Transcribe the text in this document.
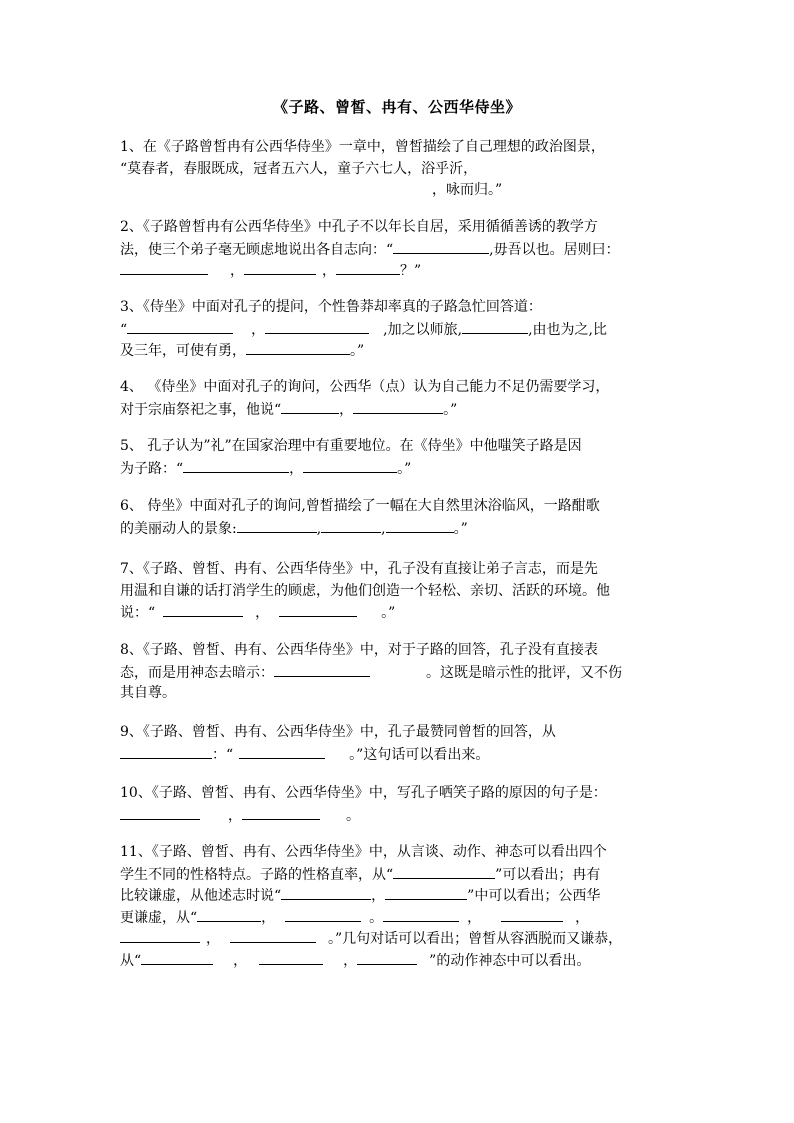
《子路、曾皙、冉有、公西华侍坐》
1、在《子路曾皙冉有公西华侍坐》一章中，曾皙描绘了自己理想的政治图景，
“莫春者，春服既成，冠者五六人，童子六七人，浴乎沂，
，咏而归。”
2、《子路曾皙冉有公西华侍坐》中孔子不以年长自居，采用循循善诱的教学方
法，使三个弟子毫无顾虑地说出各自志向：“	,毋吾以也。居则曰：
，	，	？”
3、《侍坐》中面对孔子的提问，个性鲁莽却率真的子路急忙回答道：
“	，	,加之以师旅,	,由也为之,比
及三年，可使有勇，	。”
4、 《侍坐》中面对孔子的询问，公西华（点）认为自己能力不足仍需要学习，
对于宗庙祭祀之事，他说“	，	。”
5、 孔子认为”礼”在国家治理中有重要地位。在《侍坐》中他嗤笑子路是因
为子路：“	，	。”
6、 侍坐》中面对孔子的询问,曾皙描绘了一幅在大自然里沐浴临风，一路酣歌
的美丽动人的景象:	,	,	。”
7、《子路、曾皙、冉有、公西华侍坐》中，孔子没有直接让弟子言志，而是先
用温和自谦的话打消学生的顾虑，为他们创造一个轻松、亲切、活跃的环境。他
说：“	，	。”
8、《子路、曾皙、冉有、公西华侍坐》中，对于子路的回答，孔子没有直接表
态，而是用神态去暗示：	。这既是暗示性的批评，又不伤
其自尊。
9、《子路、曾皙、冉有、公西华侍坐》中，孔子最赞同曾皙的回答，从
：“	。”这句话可以看出来。
10、《子路、曾皙、冉有、公西华侍坐》中，写孔子哂笑子路的原因的句子是：
，	。
11、《子路、曾皙、冉有、公西华侍坐》中，从言谈、动作、神态可以看出四个
学生不同的性格特点。子路的性格直率，从“	”可以看出；冉有
比较谦虚，从他述志时说“	，	”中可以看出；公西华
更谦虚，从“	，	。	，	，
，	。”几句对话可以看出；曾皙从容洒脱而又谦恭，
从“	，	，	”的动作神态中可以看出。
